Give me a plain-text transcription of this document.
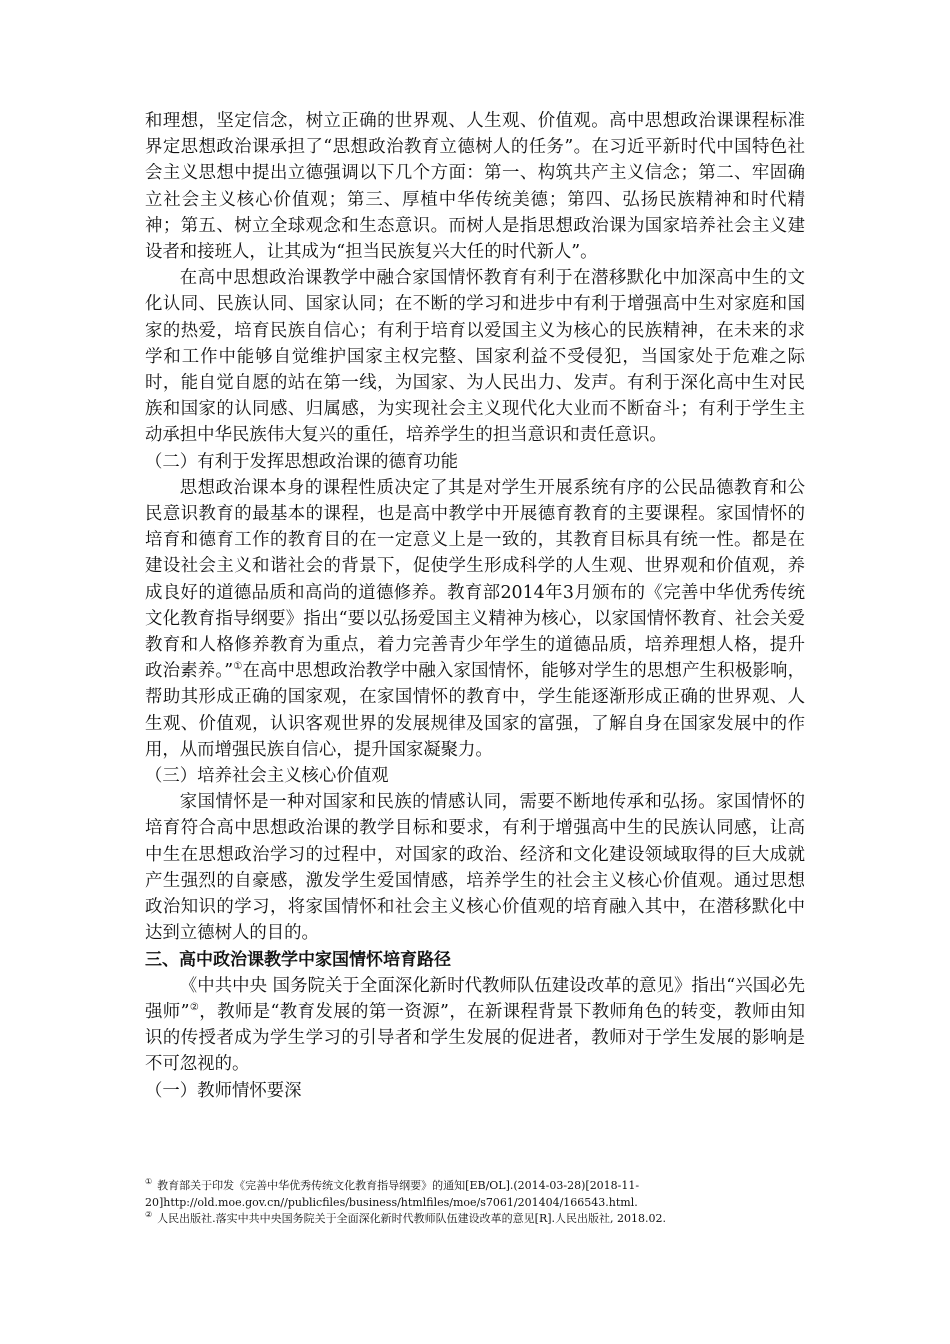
和理想，坚定信念，树立正确的世界观、人生观、价值观。高中思想政治课课程标准界定思想政治课承担了“思想政治教育立德树人的任务”。在习近平新时代中国特色社会主义思想中提出立德强调以下几个方面：第一、构筑共产主义信念；第二、牢固确立社会主义核心价值观；第三、厚植中华传统美德；第四、弘扬民族精神和时代精神；第五、树立全球观念和生态意识。而树人是指思想政治课为国家培养社会主义建设者和接班人，让其成为“担当民族复兴大任的时代新人”。

在高中思想政治课教学中融合家国情怀教育有利于在潜移默化中加深高中生的文化认同、民族认同、国家认同；在不断的学习和进步中有利于增强高中生对家庭和国家的热爱，培育民族自信心；有利于培育以爱国主义为核心的民族精神，在未来的求学和工作中能够自觉维护国家主权完整、国家利益不受侵犯，当国家处于危难之际时，能自觉自愿的站在第一线，为国家、为人民出力、发声。有利于深化高中生对民族和国家的认同感、归属感，为实现社会主义现代化大业而不断奋斗；有利于学生主动承担中华民族伟大复兴的重任，培养学生的担当意识和责任意识。

（二）有利于发挥思想政治课的德育功能

思想政治课本身的课程性质决定了其是对学生开展系统有序的公民品德教育和公民意识教育的最基本的课程，也是高中教学中开展德育教育的主要课程。家国情怀的培育和德育工作的教育目的在一定意义上是一致的，其教育目标具有统一性。都是在建设社会主义和谐社会的背景下，促使学生形成科学的人生观、世界观和价值观，养成良好的道德品质和高尚的道德修养。教育部2014年3月颁布的《完善中华优秀传统文化教育指导纲要》指出“要以弘扬爱国主义精神为核心，以家国情怀教育、社会关爱教育和人格修养教育为重点，着力完善青少年学生的道德品质，培养理想人格，提升政治素养。”①在高中思想政治教学中融入家国情怀，能够对学生的思想产生积极影响，帮助其形成正确的国家观，在家国情怀的教育中，学生能逐渐形成正确的世界观、人生观、价值观，认识客观世界的发展规律及国家的富强，了解自身在国家发展中的作用，从而增强民族自信心，提升国家凝聚力。

（三）培养社会主义核心价值观

家国情怀是一种对国家和民族的情感认同，需要不断地传承和弘扬。家国情怀的培育符合高中思想政治课的教学目标和要求，有利于增强高中生的民族认同感，让高中生在思想政治学习的过程中，对国家的政治、经济和文化建设领域取得的巨大成就产生强烈的自豪感，激发学生爱国情感，培养学生的社会主义核心价值观。通过思想政治知识的学习，将家国情怀和社会主义核心价值观的培育融入其中，在潜移默化中达到立德树人的目的。

三、高中政治课教学中家国情怀培育路径

《中共中央 国务院关于全面深化新时代教师队伍建设改革的意见》指出“兴国必先强师”②，教师是“教育发展的第一资源”，在新课程背景下教师角色的转变，教师由知识的传授者成为学生学习的引导者和学生发展的促进者，教师对于学生发展的影响是不可忽视的。

（一）教师情怀要深

① 教育部关于印发《完善中华优秀传统文化教育指导纲要》的通知[EB/OL].(2014-03-28)[2018-11-20]http://old.moe.gov.cn//publicfiles/business/htmlfiles/moe/s7061/201404/166543.html.

② 人民出版社.落实中共中央国务院关于全面深化新时代教师队伍建设改革的意见[R].人民出版社, 2018.02.
